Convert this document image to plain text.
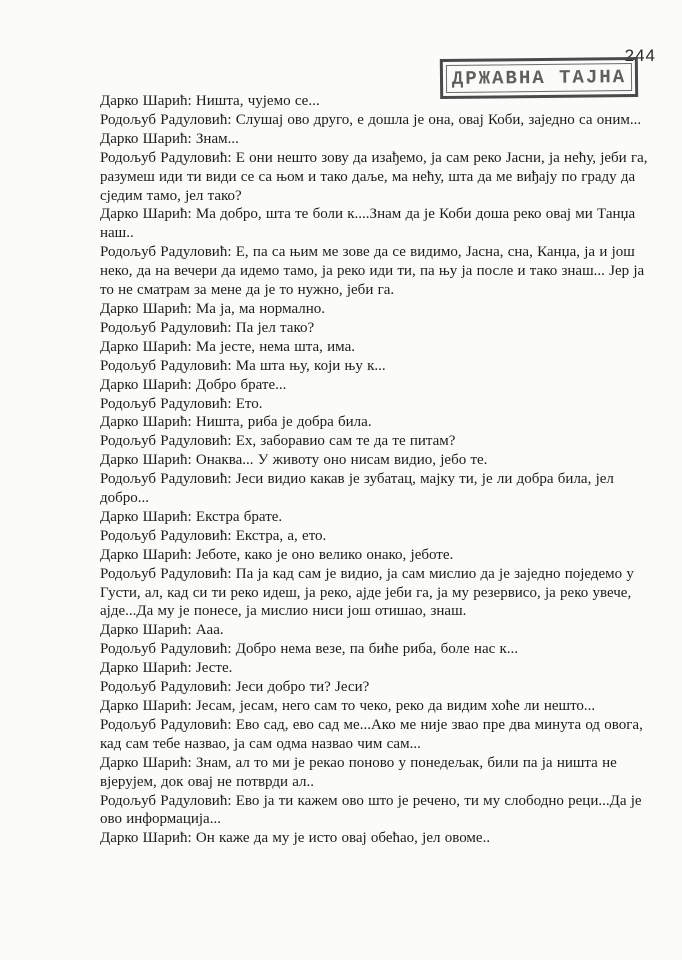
244
ДРЖАВНА ТАЈНА
Дарко Шарић: Ништа, чујемо се...
Родољуб Радуловић: Слушај ово друго, е дошла је она, овај Коби, заједно са оним...
Дарко Шарић: Знам...
Родољуб Радуловић: Е они нешто зову да изађемо, ја сам реко Јасни, ја нећу, јеби га, разумеш иди ти види се са њом и тако даље, ма нећу, шта да ме виђају по граду да сједим тамо, јел тако?
Дарко Шарић: Ма добро, шта те боли к....Знам да је Коби доша реко овај ми Танџа наш..
Родољуб Радуловић: Е, па са њим ме зове да се видимо, Јасна, сна, Канџа, ја и још неко, да на вечери да идемо тамо, ја реко иди ти, па њу ја после и тако знаш... Јер ја то не сматрам за мене да је то нужно, јеби га.
Дарко Шарић: Ма ја, ма нормално.
Родољуб Радуловић: Па јел тако?
Дарко Шарић: Ма јесте, нема шта, има.
Родољуб Радуловић: Ма шта њу, који њу к...
Дарко Шарић: Добро брате...
Родољуб Радуловић: Ето.
Дарко Шарић: Ништа, риба је добра била.
Родољуб Радуловић: Ех, заборавио сам те да те питам?
Дарко Шарић: Онаква... У животу оно нисам видио, јебо те.
Родољуб Радуловић: Јеси видио какав је зубатац, мајку ти, је ли добра била, јел добро...
Дарко Шарић: Екстра брате.
Родољуб Радуловић: Екстра, а, ето.
Дарко Шарић: Јеботе, како је оно велико онако, јеботе.
Родољуб Радуловић: Па ја кад сам је видио, ја сам мислио да је заједно поједемо у Густи, ал, кад си ти реко идеш, ја реко, ајде јеби га, ја му резервисо, ја реко увече, ајде...Да му је понесе, ја мислио ниси још отишао, знаш.
Дарко Шарић: Ааа.
Родољуб Радуловић: Добро нема везе, па биће риба, боле нас к...
Дарко Шарић: Јесте.
Родољуб Радуловић: Јеси добро ти? Јеси?
Дарко Шарић: Јесам, јесам, него сам то чеко, реко да видим хоће ли нешто...
Родољуб Радуловић: Ево сад, ево сад ме...Ако ме није звао пре два минута од овога, кад сам тебе назвао, ја сам одма назвао чим сам...
Дарко Шарић: Знам, ал то ми је рекао поново у понедељак, били па ја ништа не вјерујем, док овај не потврди ал..
Родољуб Радуловић: Ево ја ти кажем ово што је речено, ти му слободно реци...Да је ово информација...
Дарко Шарић: Он каже да му је исто овај обећао, јел овоме..
